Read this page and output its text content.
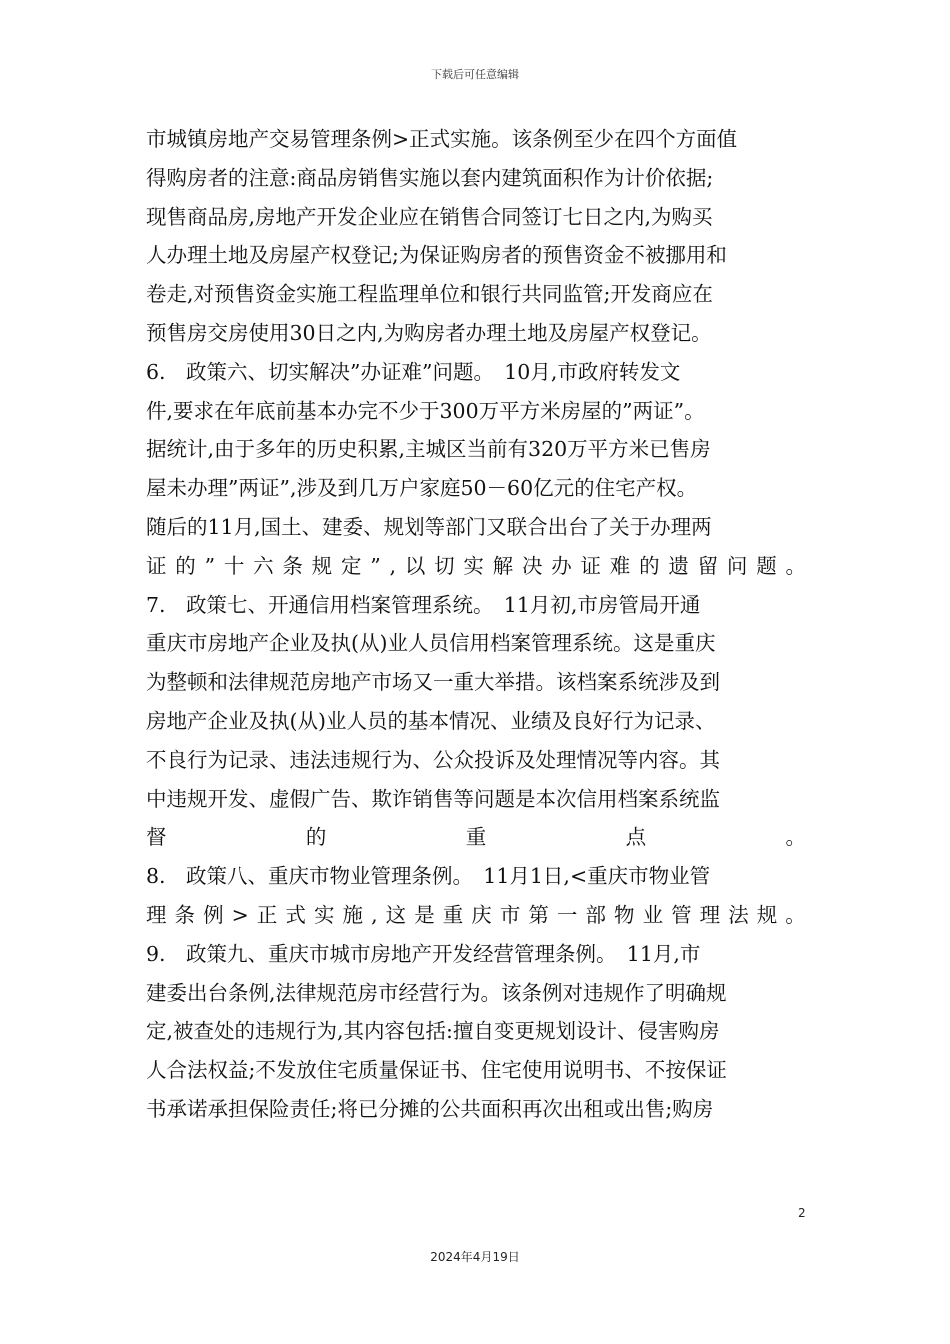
下载后可任意编辑
市城镇房地产交易管理条例>正式实施。该条例至少在四个方面值
得购房者的注意:商品房销售实施以套内建筑面积作为计价依据;
现售商品房,房地产开发企业应在销售合同签订七日之内,为购买
人办理土地及房屋产权登记;为保证购房者的预售资金不被挪用和
卷走,对预售资金实施工程监理单位和银行共同监管;开发商应在
预售房交房使用30日之内,为购房者办理土地及房屋产权登记。
6.　政策六、切实解决”办证难”问题。　10月,市政府转发文
件,要求在年底前基本办完不少于300万平方米房屋的”两证”。
据统计,由于多年的历史积累,主城区当前有320万平方米已售房
屋未办理”两证”,涉及到几万户家庭50－60亿元的住宅产权。
随后的11月,国土、建委、规划等部门又联合出台了关于办理两
证 的 ” 十 六 条 规 定 ” , 以 切 实 解 决 办 证 难 的 遗 留 问 题 。
7.　政策七、开通信用档案管理系统。　11月初,市房管局开通
重庆市房地产企业及执(从)业人员信用档案管理系统。这是重庆
为整顿和法律规范房地产市场又一重大举措。该档案系统涉及到
房地产企业及执(从)业人员的基本情况、业绩及良好行为记录、
不良行为记录、违法违规行为、公众投诉及处理情况等内容。其
中违规开发、虚假广告、欺诈销售等问题是本次信用档案系统监
督	的	重	点	。
8.　政策八、重庆市物业管理条例。　11月1日,<重庆市物业管
理 条 例 > 正 式 实 施 , 这 是 重 庆 市 第 一 部 物 业 管 理 法 规 。
9.　政策九、重庆市城市房地产开发经营管理条例。　11月,市
建委出台条例,法律规范房市经营行为。该条例对违规作了明确规
定,被查处的违规行为,其内容包括:擅自变更规划设计、侵害购房
人合法权益;不发放住宅质量保证书、住宅使用说明书、不按保证
书承诺承担保险责任;将已分摊的公共面积再次出租或出售;购房
2
2024年4月19日
